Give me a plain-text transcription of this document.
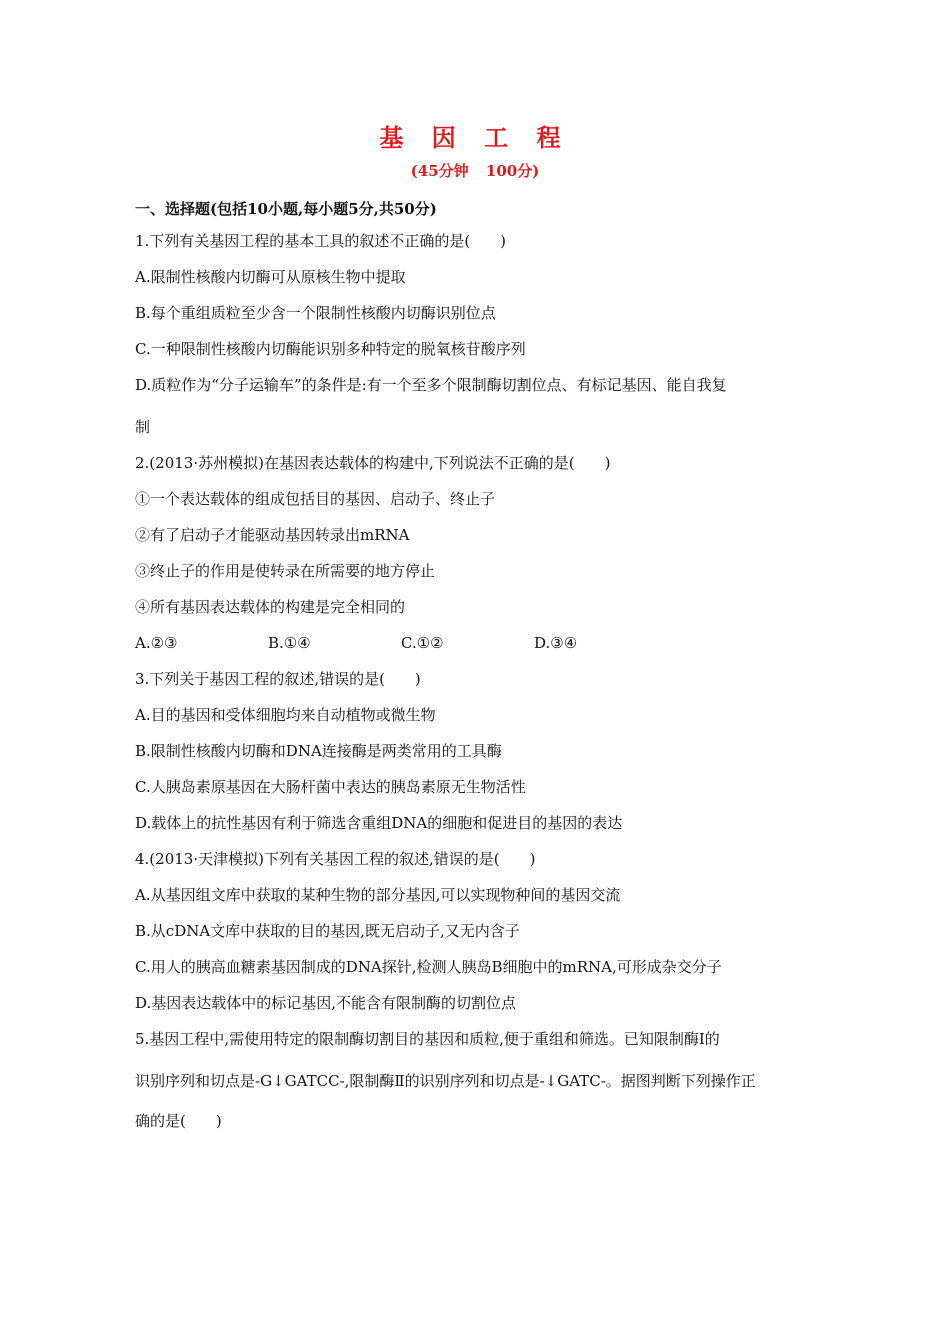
基 因 工 程
(45分钟 100分)
一、选择题(包括10小题,每小题5分,共50分)
1.下列有关基因工程的基本工具的叙述不正确的是(　　)
A.限制性核酸内切酶可从原核生物中提取
B.每个重组质粒至少含一个限制性核酸内切酶识别位点
C.一种限制性核酸内切酶能识别多种特定的脱氧核苷酸序列
D.质粒作为“分子运输车”的条件是:有一个至多个限制酶切割位点、有标记基因、能自我复
制
2.(2013·苏州模拟)在基因表达载体的构建中,下列说法不正确的是(　　)
①一个表达载体的组成包括目的基因、启动子、终止子
②有了启动子才能驱动基因转录出mRNA
③终止子的作用是使转录在所需要的地方停止
④所有基因表达载体的构建是完全相同的
A.②③	B.①④	C.①②	D.③④
3.下列关于基因工程的叙述,错误的是(　　)
A.目的基因和受体细胞均来自动植物或微生物
B.限制性核酸内切酶和DNA连接酶是两类常用的工具酶
C.人胰岛素原基因在大肠杆菌中表达的胰岛素原无生物活性
D.载体上的抗性基因有利于筛选含重组DNA的细胞和促进目的基因的表达
4.(2013·天津模拟)下列有关基因工程的叙述,错误的是(　　)
A.从基因组文库中获取的某种生物的部分基因,可以实现物种间的基因交流
B.从cDNA文库中获取的目的基因,既无启动子,又无内含子
C.用人的胰高血糖素基因制成的DNA探针,检测人胰岛B细胞中的mRNA,可形成杂交分子
D.基因表达载体中的标记基因,不能含有限制酶的切割位点
5.基因工程中,需使用特定的限制酶切割目的基因和质粒,便于重组和筛选。已知限制酶Ⅰ的
识别序列和切点是-G↓GATCC-,限制酶Ⅱ的识别序列和切点是-↓GATC-。据图判断下列操作正
确的是(　　)
